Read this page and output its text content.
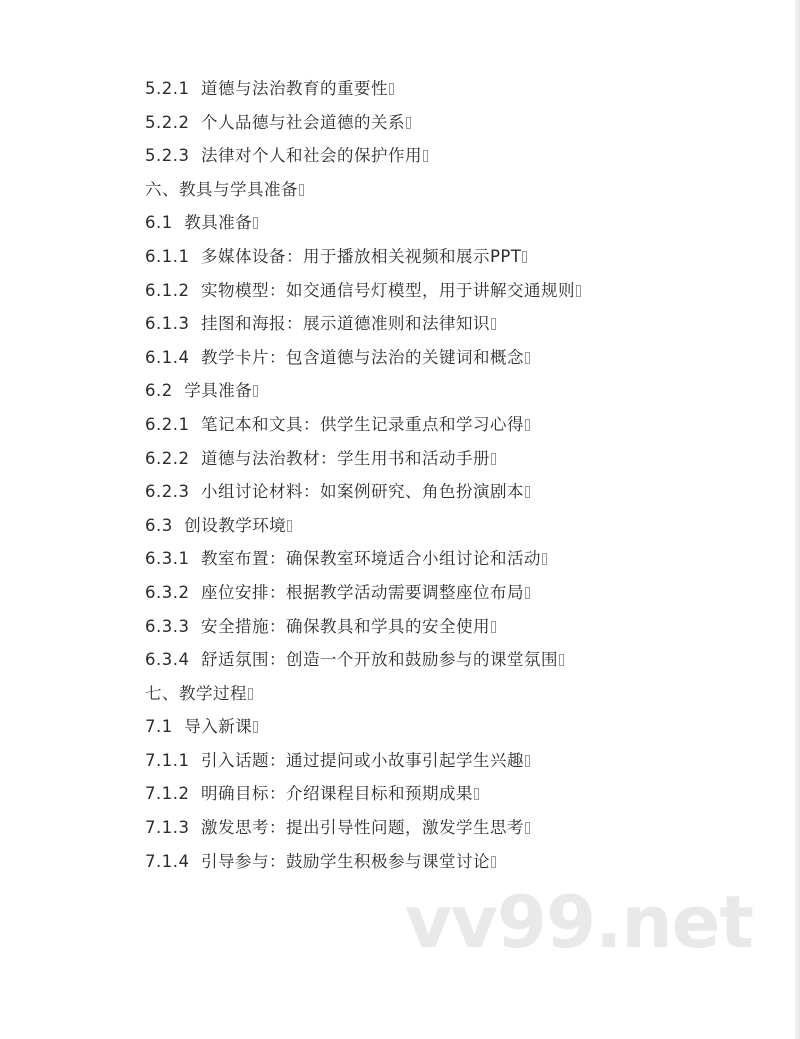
5.2.1 道德与法治教育的重要性
5.2.2 个人品德与社会道德的关系
5.2.3 法律对个人和社会的保护作用
六、教具与学具准备
6.1 教具准备
6.1.1 多媒体设备：用于播放相关视频和展示PPT
6.1.2 实物模型：如交通信号灯模型，用于讲解交通规则
6.1.3 挂图和海报：展示道德准则和法律知识
6.1.4 教学卡片：包含道德与法治的关键词和概念
6.2 学具准备
6.2.1 笔记本和文具：供学生记录重点和学习心得
6.2.2 道德与法治教材：学生用书和活动手册
6.2.3 小组讨论材料：如案例研究、角色扮演剧本
6.3 创设教学环境
6.3.1 教室布置：确保教室环境适合小组讨论和活动
6.3.2 座位安排：根据教学活动需要调整座位布局
6.3.3 安全措施：确保教具和学具的安全使用
6.3.4 舒适氛围：创造一个开放和鼓励参与的课堂氛围
七、教学过程
7.1 导入新课
7.1.1 引入话题：通过提问或小故事引起学生兴趣
7.1.2 明确目标：介绍课程目标和预期成果
7.1.3 激发思考：提出引导性问题，激发学生思考
7.1.4 引导参与：鼓励学生积极参与课堂讨论
vv99.net
